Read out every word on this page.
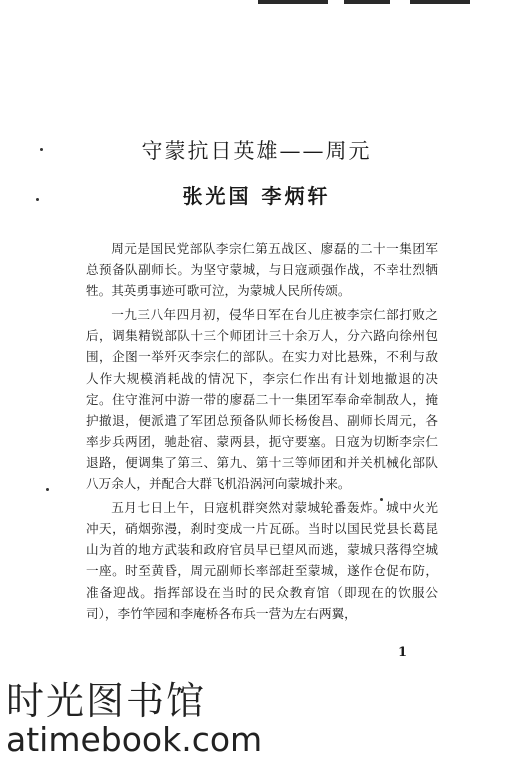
守蒙抗日英雄——周元
张光国 李炳轩

周元是国民党部队李宗仁第五战区、廖磊的二十一集团军总预备队副师长。为坚守蒙城，与日寇顽强作战，不幸壮烈牺牲。其英勇事迹可歌可泣，为蒙城人民所传颂。

一九三八年四月初，侵华日军在台儿庄被李宗仁部打败之后，调集精锐部队十三个师团计三十余万人，分六路向徐州包围，企图一举歼灭李宗仁的部队。在实力对比悬殊，不利与敌人作大规模消耗战的情况下，李宗仁作出有计划地撤退的决定。住守淮河中游一带的廖磊二十一集团军奉命牵制敌人，掩护撤退，便派遣了军团总预备队师长杨俊昌、副师长周元，各率步兵两团，驰赴宿、蒙两县，扼守要塞。日寇为切断李宗仁退路，便调集了第三、第九、第十三等师团和并关机械化部队八万余人，并配合大群飞机沿涡河向蒙城扑来。

五月七日上午，日寇机群突然对蒙城轮番轰炸。城中火光冲天，硝烟弥漫，刹时变成一片瓦砾。当时以国民党县长葛昆山为首的地方武装和政府官员早已望风而逃，蒙城只落得空城一座。时至黄昏，周元副师长率部赶至蒙城，遂作仓促布防，准备迎战。指挥部设在当时的民众教育馆（即现在的饮服公司），李竹竿园和李庵桥各布兵一营为左右两翼，

1
时光图书馆
atimebook.com
